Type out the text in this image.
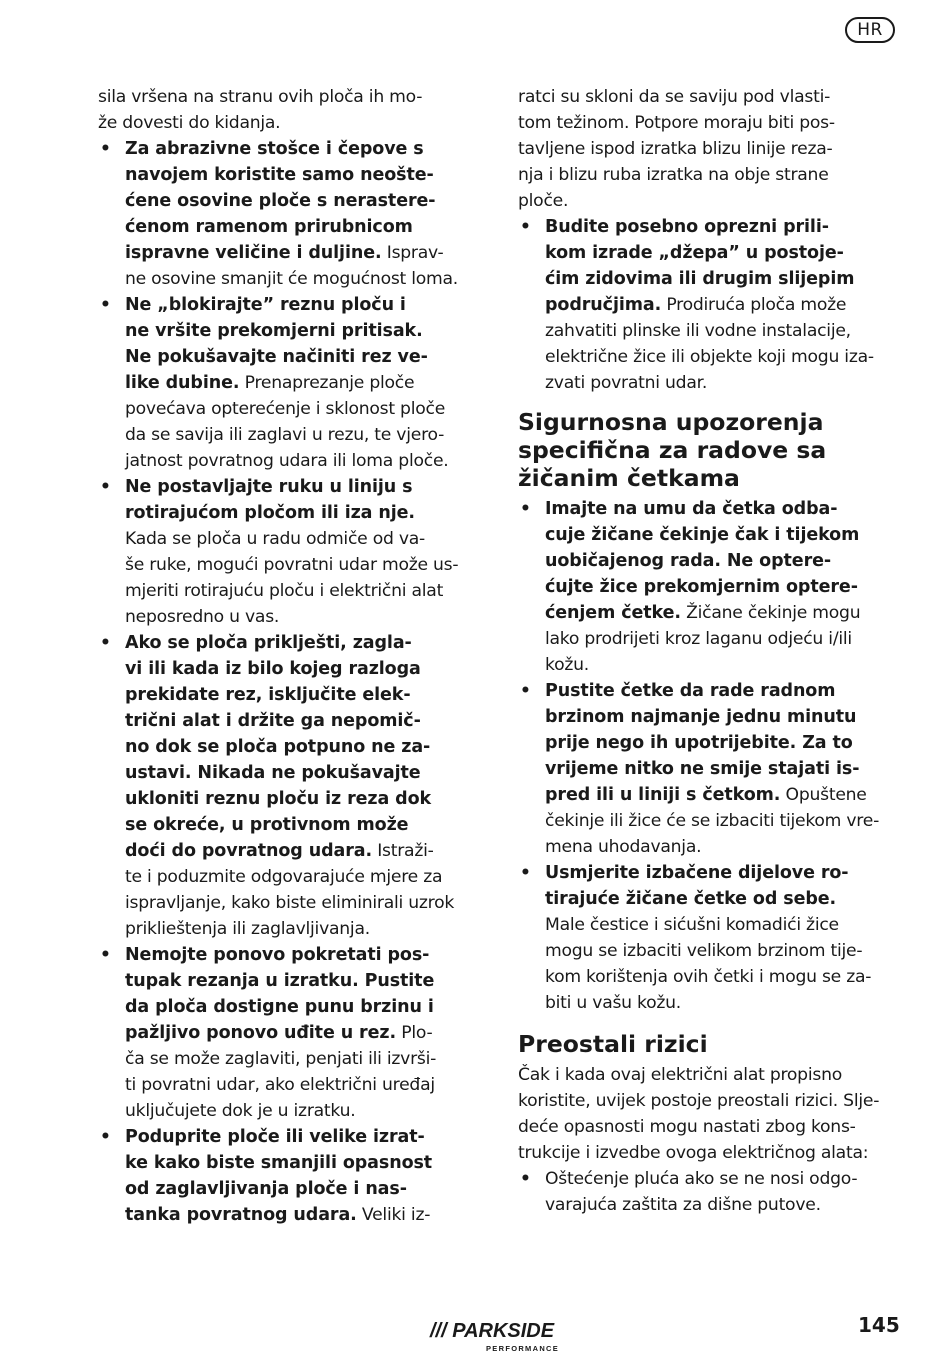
HR

sila vršena na stranu ovih ploča ih mo-

že dovesti do kidanja.

• Za abrazivne stošce i čepove s

navojem koristite samo neošte-

ćene osovine ploče s nerastere-

ćenom ramenom prirubnicom

ispravne veličine i duljine. Isprav-

ne osovine smanjit će mogućnost loma.

• Ne „blokirajte” reznu ploču i

ne vršite prekomjerni pritisak.

Ne pokušavajte načiniti rez ve-

like dubine. Prenaprezanje ploče

povećava opterećenje i sklonost ploče

da se savija ili zaglavi u rezu, te vjero-

jatnost povratnog udara ili loma ploče.

• Ne postavljajte ruku u liniju s

rotirajućom pločom ili iza nje.

Kada se ploča u radu odmiče od va-

še ruke, mogući povratni udar može us-

mjeriti rotirajuću ploču i električni alat

neposredno u vas.

• Ako se ploča priklješti, zagla-

vi ili kada iz bilo kojeg razloga

prekidate rez, isključite elek-

trični alat i držite ga nepomič-

no dok se ploča potpuno ne za-

ustavi. Nikada ne pokušavajte

ukloniti reznu ploču iz reza dok

se okreće, u protivnom može

doći do povratnog udara. Istraži-

te i poduzmite odgovarajuće mjere za

ispravljanje, kako biste eliminirali uzrok

priklieštenja ili zaglavljivanja.

• Nemojte ponovo pokretati pos-

tupak rezanja u izratku. Pustite

da ploča dostigne punu brzinu i

pažljivo ponovo uđite u rez. Plo-

ča se može zaglaviti, penjati ili izvrši-

ti povratni udar, ako električni uređaj

uključujete dok je u izratku.

• Poduprite ploče ili velike izrat-

ke kako biste smanjili opasnost

od zaglavljivanja ploče i nas-

tanka povratnog udara. Veliki iz-

ratci su skloni da se saviju pod vlasti-

tom težinom. Potpore moraju biti pos-

tavljene ispod izratka blizu linije reza-

nja i blizu ruba izratka na obje strane

ploče.

• Budite posebno oprezni prili-

kom izrade „džepa” u postoje-

ćim zidovima ili drugim slijepim

područjima. Prodiruća ploča može

zahvatiti plinske ili vodne instalacije,

električne žice ili objekte koji mogu iza-

zvati povratni udar.

Sigurnosna upozorenja
specifična za radove sa
žičanim četkama

• Imajte na umu da četka odba-

cuje žičane čekinje čak i tijekom

uobičajenog rada. Ne optere-

ćujte žice prekomjernim optere-

ćenjem četke. Žičane čekinje mogu

lako prodrijeti kroz laganu odjeću i/ili

kožu.

• Pustite četke da rade radnom

brzinom najmanje jednu minutu

prije nego ih upotrijebite. Za to

vrijeme nitko ne smije stajati is-

pred ili u liniji s četkom. Opuštene

čekinje ili žice će se izbaciti tijekom vre-

mena uhodavanja.

• Usmjerite izbačene dijelove ro-

tirajuće žičane četke od sebe.

Male čestice i sićušni komadići žice

mogu se izbaciti velikom brzinom tije-

kom korištenja ovih četki i mogu se za-

biti u vašu kožu.

Preostali rizici

Čak i kada ovaj električni alat propisno

koristite, uvijek postoje preostali rizici. Slje-

deće opasnosti mogu nastati zbog kons-

trukcije i izvedbe ovoga električnog alata:

• Oštećenje pluća ako se ne nosi odgo-

varajuća zaštita za dišne putove.

/// PARKSIDE
PERFORMANCE
145
